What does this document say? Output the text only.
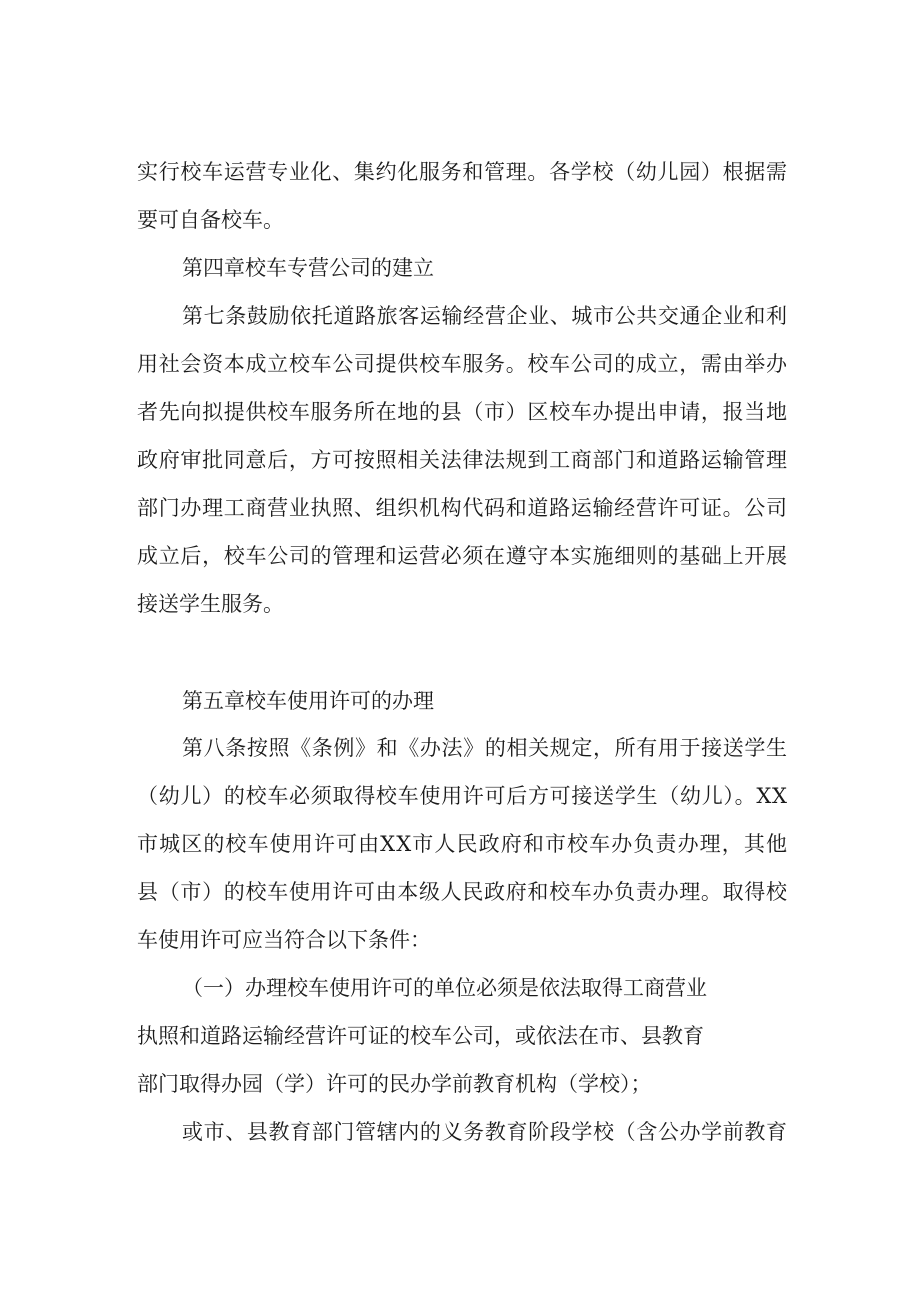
实行校车运营专业化、集约化服务和管理。各学校（幼儿园）根据需
要可自备校车。
第四章校车专营公司的建立
第七条鼓励依托道路旅客运输经营企业、城市公共交通企业和利
用社会资本成立校车公司提供校车服务。校车公司的成立，需由举办
者先向拟提供校车服务所在地的县（市）区校车办提出申请，报当地
政府审批同意后，方可按照相关法律法规到工商部门和道路运输管理
部门办理工商营业执照、组织机构代码和道路运输经营许可证。公司
成立后，校车公司的管理和运营必须在遵守本实施细则的基础上开展
接送学生服务。
第五章校车使用许可的办理
第八条按照《条例》和《办法》的相关规定，所有用于接送学生
（幼儿）的校车必须取得校车使用许可后方可接送学生（幼儿）。XX
市城区的校车使用许可由XX市人民政府和市校车办负责办理，其他
县（市）的校车使用许可由本级人民政府和校车办负责办理。取得校
车使用许可应当符合以下条件：
（一）办理校车使用许可的单位必须是依法取得工商营业
执照和道路运输经营许可证的校车公司，或依法在市、县教育
部门取得办园（学）许可的民办学前教育机构（学校）；
或市、县教育部门管辖内的义务教育阶段学校（含公办学前教育
